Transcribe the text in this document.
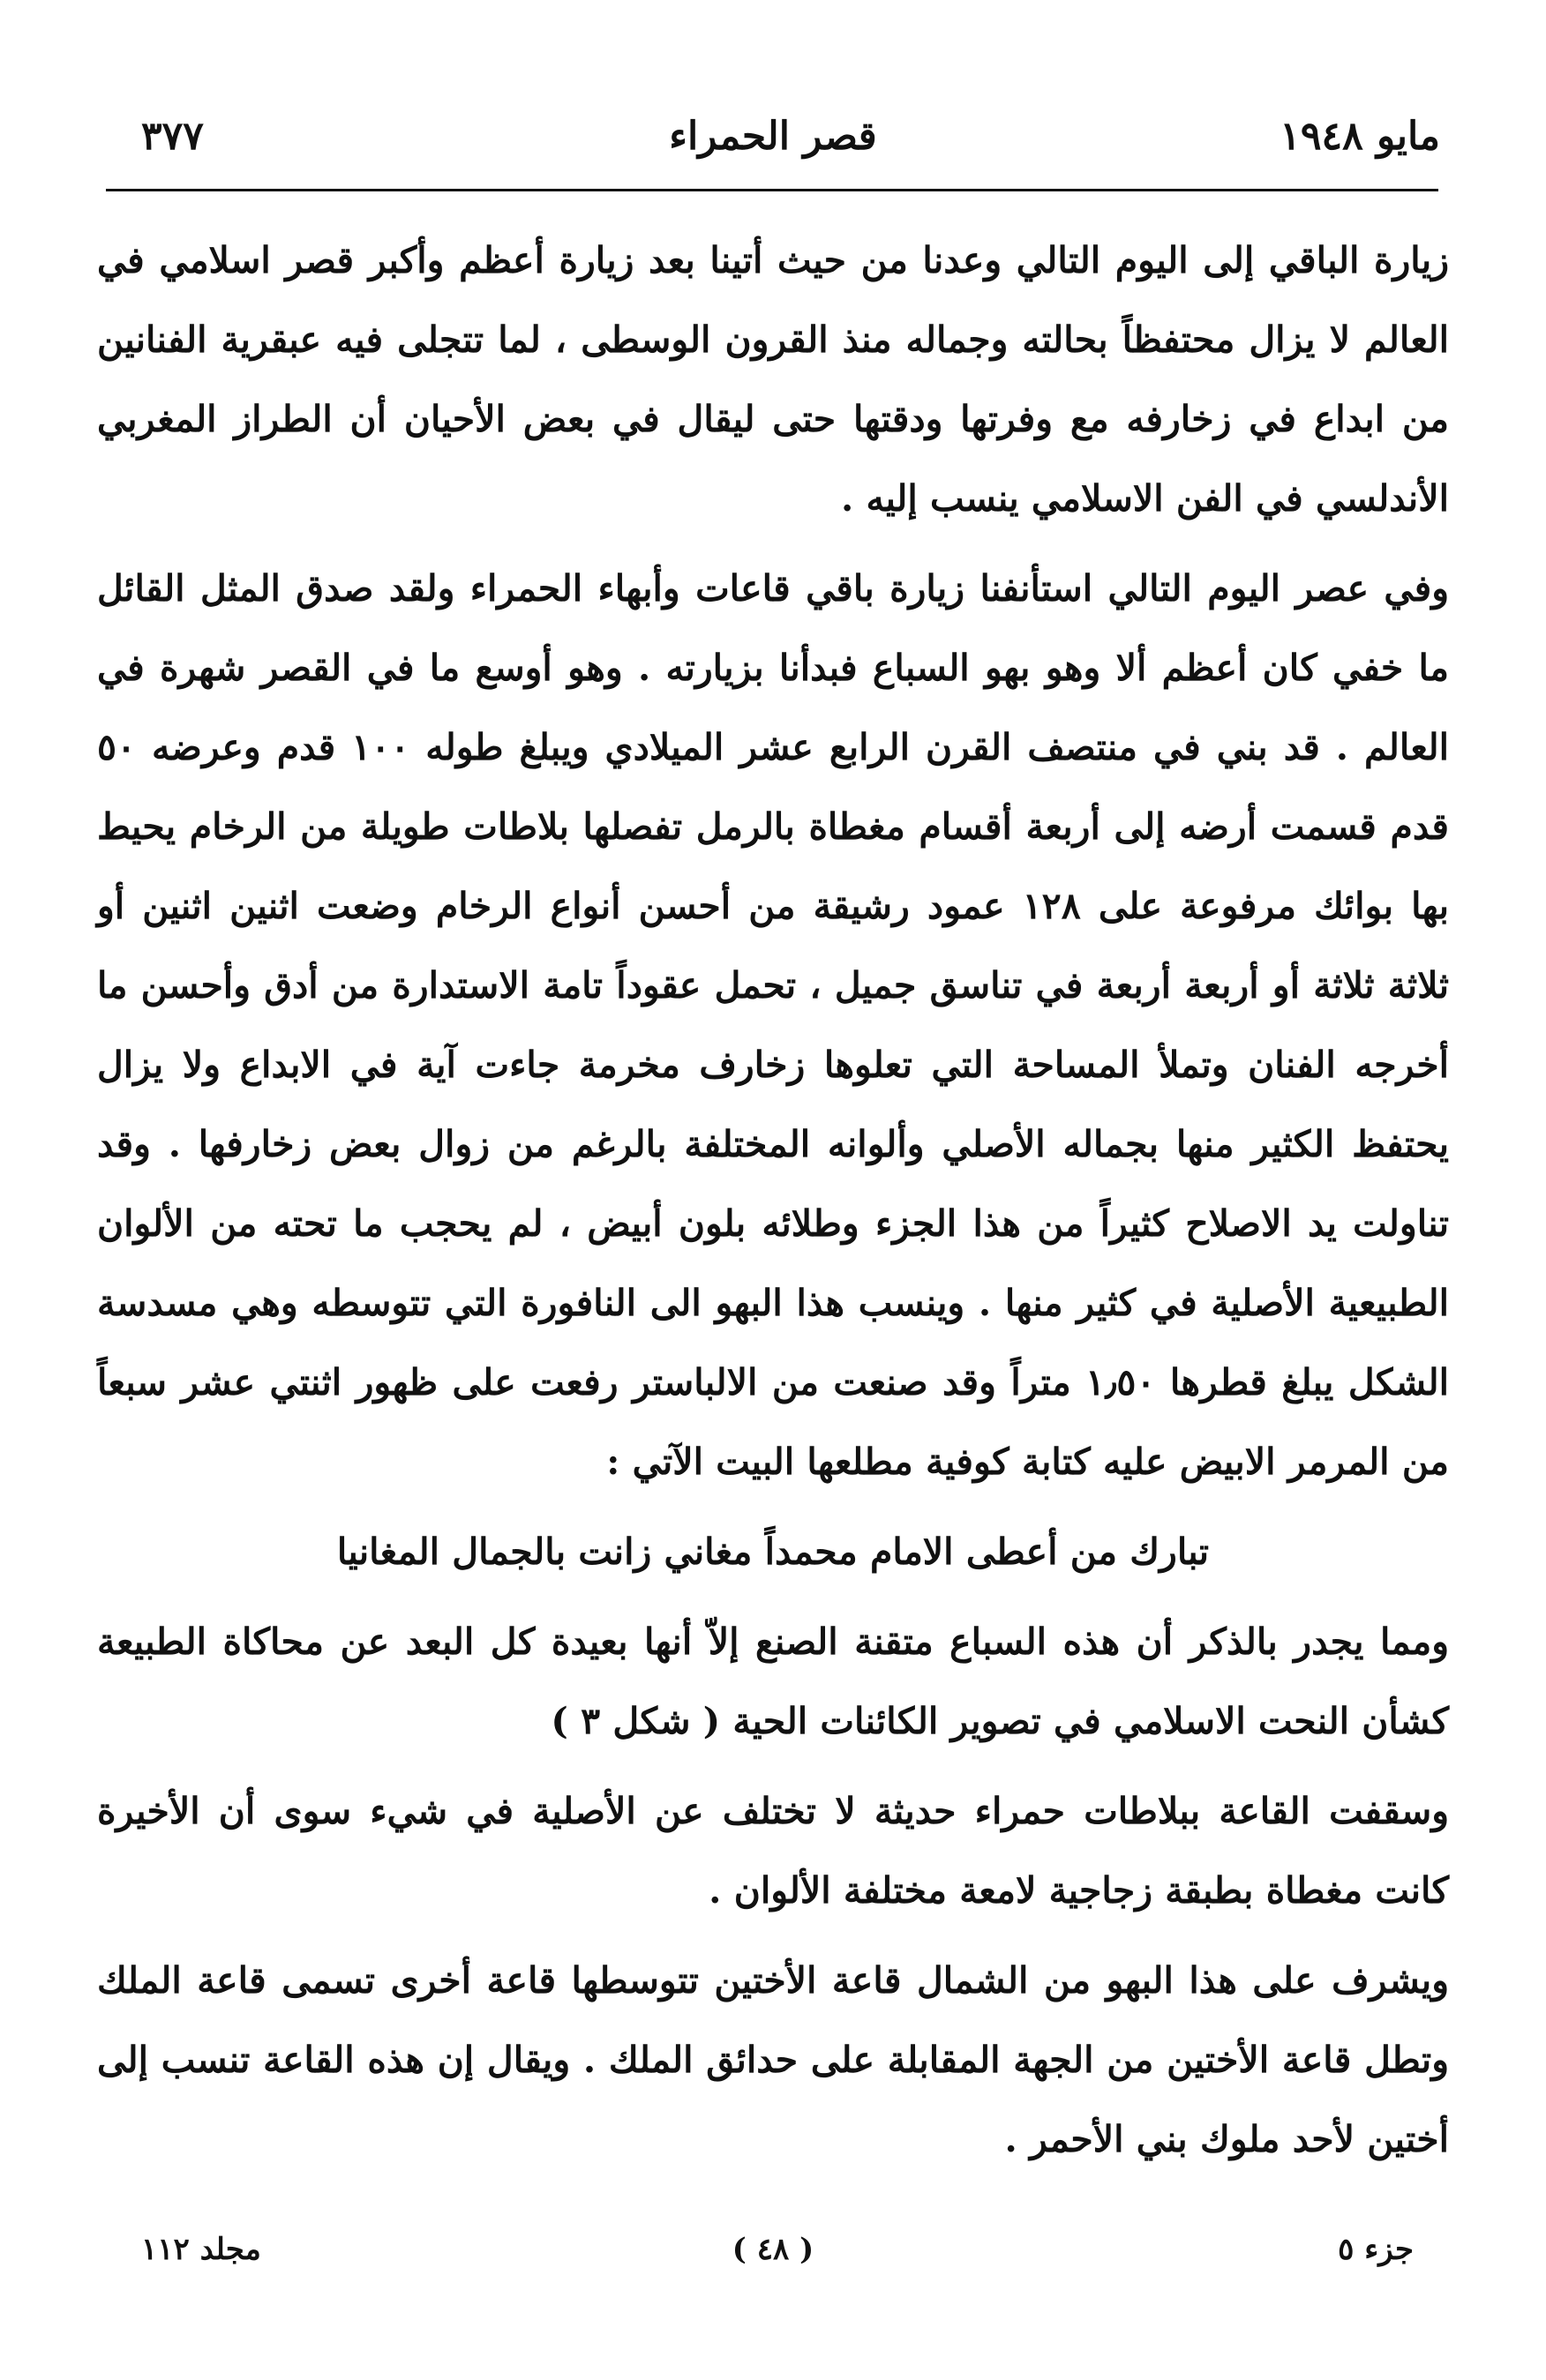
٣٧٧	قصر الحمراء	مايو ١٩٤٨

زيارة الباقي إلى اليوم التالي وعدنا من حيث أتينا بعد زيارة أعظم وأكبر قصر اسلامي في العالم لا يزال محتفظاً بحالته وجماله منذ القرون الوسطى ، لما تتجلى فيه عبقرية الفنانين من ابداع في زخارفه مع وفرتها ودقتها حتى ليقال في بعض الأحيان أن الطراز المغربي الأندلسي في الفن الاسلامي ينسب إليه .

وفي عصر اليوم التالي استأنفنا زيارة باقي قاعات وأبهاء الحمراء ولقد صدق المثل القائل ما خفي كان أعظم ألا وهو بهو السباع فبدأنا بزيارته . وهو أوسع ما في القصر شهرة في العالم . قد بني في منتصف القرن الرابع عشر الميلادي ويبلغ طوله ١٠٠ قدم وعرضه ٥٠ قدم قسمت أرضه إلى أربعة أقسام مغطاة بالرمل تفصلها بلاطات طويلة من الرخام يحيط بها بوائك مرفوعة على ١٢٨ عمود رشيقة من أحسن أنواع الرخام وضعت اثنين اثنين أو ثلاثة ثلاثة أو أربعة أربعة في تناسق جميل ، تحمل عقوداً تامة الاستدارة من أدق وأحسن ما أخرجه الفنان وتملأ المساحة التي تعلوها زخارف مخرمة جاءت آية في الابداع ولا يزال يحتفظ الكثير منها بجماله الأصلي وألوانه المختلفة بالرغم من زوال بعض زخارفها . وقد تناولت يد الاصلاح كثيراً من هذا الجزء وطلائه بلون أبيض ، لم يحجب ما تحته من الألوان الطبيعية الأصلية في كثير منها . وينسب هذا البهو الى النافورة التي تتوسطه وهي مسدسة الشكل يبلغ قطرها ١٫٥٠ متراً وقد صنعت من الالباستر رفعت على ظهور اثنتي عشر سبعاً من المرمر الابيض عليه كتابة كوفية مطلعها البيت الآتي :

تبارك من أعطى الامام محمداً مغاني زانت بالجمال المغانيا

ومما يجدر بالذكر أن هذه السباع متقنة الصنع إلاّ أنها بعيدة كل البعد عن محاكاة الطبيعة كشأن النحت الاسلامي في تصوير الكائنات الحية ( شكل ٣ )

وسقفت القاعة ببلاطات حمراء حديثة لا تختلف عن الأصلية في شيء سوى أن الأخيرة كانت مغطاة بطبقة زجاجية لامعة مختلفة الألوان .

ويشرف على هذا البهو من الشمال قاعة الأختين تتوسطها قاعة أخرى تسمى قاعة الملك وتطل قاعة الأختين من الجهة المقابلة على حدائق الملك . ويقال إن هذه القاعة تنسب إلى أختين لأحد ملوك بني الأحمر .

مجلد ١١٢	( ٤٨ )	جزء ٥
